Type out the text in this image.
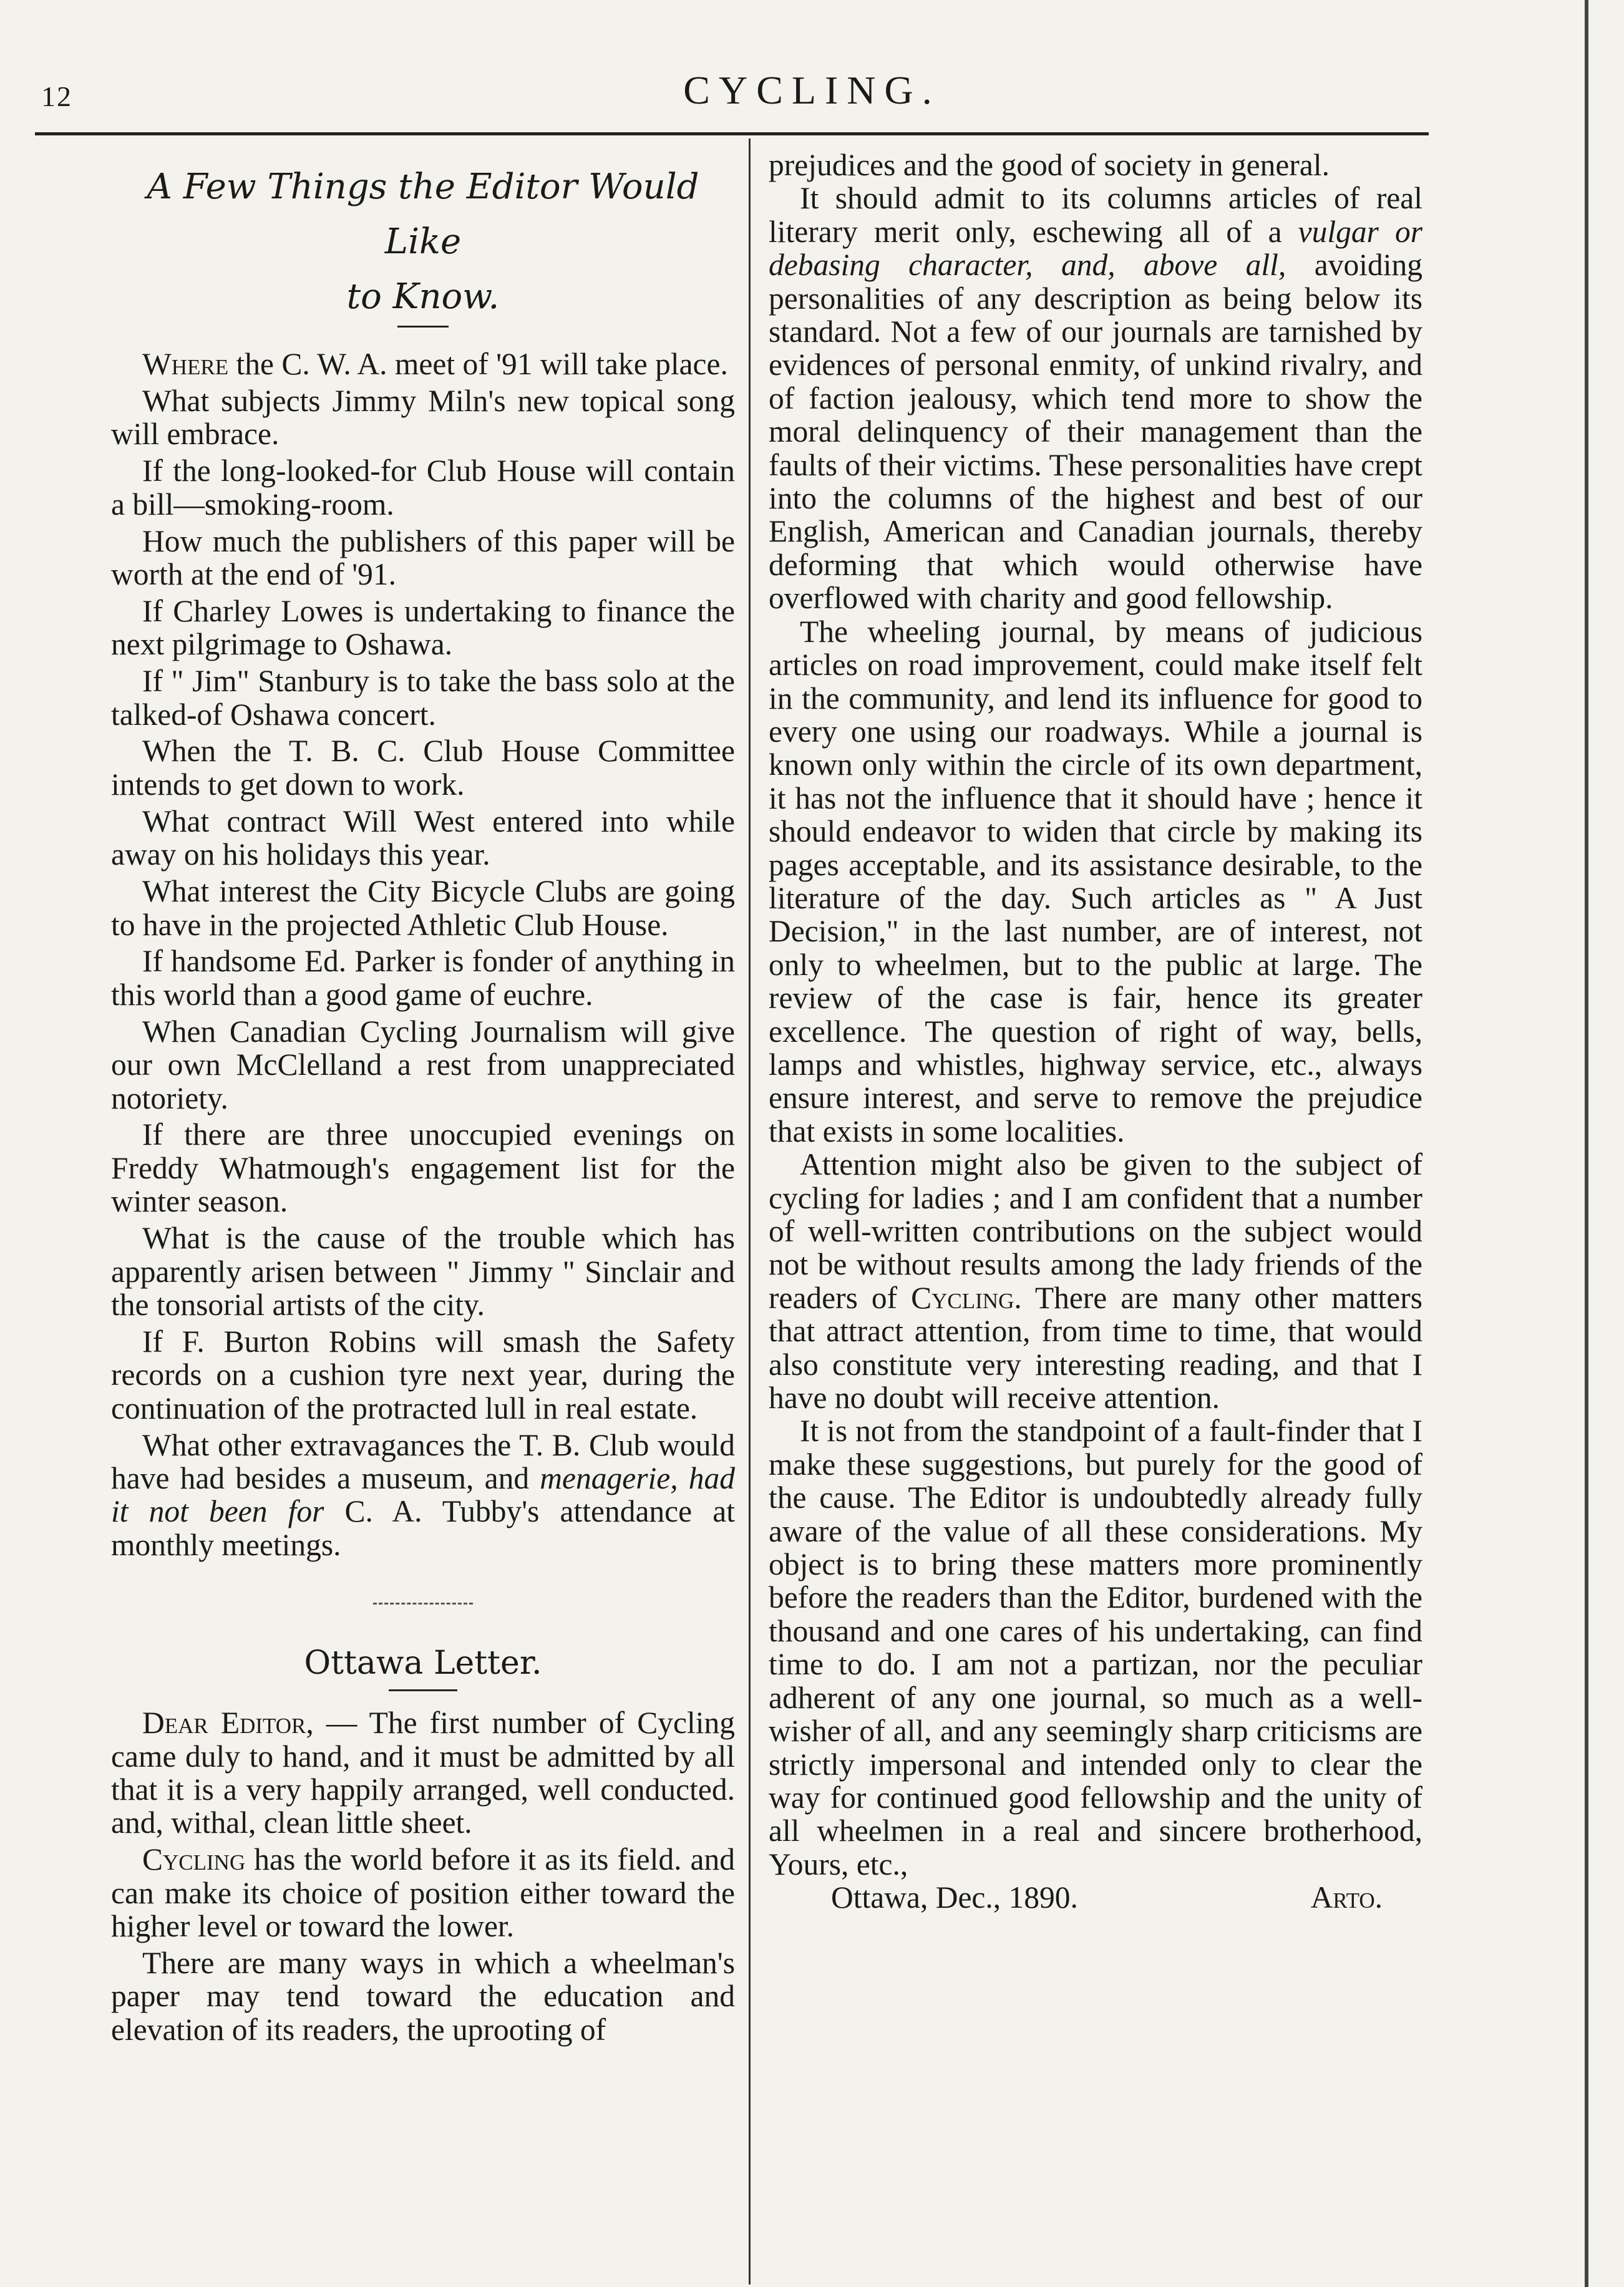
12	CYCLING.
A Few Things the Editor Would Like
to Know.

Where the C. W. A. meet of '91 will take place.

What subjects Jimmy Miln's new topical song will embrace.

If the long-looked-for Club House will contain a bill—smoking-room.

How much the publishers of this paper will be worth at the end of '91.

If Charley Lowes is undertaking to finance the next pilgrimage to Oshawa.

If " Jim" Stanbury is to take the bass solo at the talked-of Oshawa concert.

When the T. B. C. Club House Committee intends to get down to work.

What contract Will West entered into while away on his holidays this year.

What interest the City Bicycle Clubs are going to have in the projected Athletic Club House.

If handsome Ed. Parker is fonder of anything in this world than a good game of euchre.

When Canadian Cycling Journalism will give our own McClelland a rest from unappreciated notoriety.

If there are three unoccupied evenings on Freddy Whatmough's engagement list for the winter season.

What is the cause of the trouble which has apparently arisen between " Jimmy " Sinclair and the tonsorial artists of the city.

If F. Burton Robins will smash the Safety records on a cushion tyre next year, during the continuation of the protracted lull in real estate.

What other extravagances the T. B. Club would have had besides a museum, and menagerie, had it not been for C. A. Tubby's attendance at monthly meetings.

Ottawa Letter.

Dear Editor, — The first number of Cycling came duly to hand, and it must be admitted by all that it is a very happily arranged, well conducted. and, withal, clean little sheet.

Cycling has the world before it as its field. and can make its choice of position either toward the higher level or toward the lower.

There are many ways in which a wheelman's paper may tend toward the education and elevation of its readers, the uprooting of

prejudices and the good of society in general.

It should admit to its columns articles of real literary merit only, eschewing all of a vulgar or debasing character, and, above all, avoiding personalities of any description as being below its standard. Not a few of our journals are tarnished by evidences of personal enmity, of unkind rivalry, and of faction jealousy, which tend more to show the moral delinquency of their management than the faults of their victims. These personalities have crept into the columns of the highest and best of our English, American and Canadian journals, thereby deforming that which would otherwise have overflowed with charity and good fellowship.

The wheeling journal, by means of judicious articles on road improvement, could make itself felt in the community, and lend its influence for good to every one using our roadways. While a journal is known only within the circle of its own department, it has not the influence that it should have ; hence it should endeavor to widen that circle by making its pages acceptable, and its assistance desirable, to the literature of the day. Such articles as " A Just Decision," in the last number, are of interest, not only to wheelmen, but to the public at large. The review of the case is fair, hence its greater excellence. The question of right of way, bells, lamps and whistles, highway service, etc., always ensure interest, and serve to remove the prejudice that exists in some localities.

Attention might also be given to the subject of cycling for ladies ; and I am confident that a number of well-written contributions on the subject would not be without results among the lady friends of the readers of Cycling. There are many other matters that attract attention, from time to time, that would also constitute very interesting reading, and that I have no doubt will receive attention.

It is not from the standpoint of a fault-finder that I make these suggestions, but purely for the good of the cause. The Editor is undoubtedly already fully aware of the value of all these considerations. My object is to bring these matters more prominently before the readers than the Editor, burdened with the thousand and one cares of his undertaking, can find time to do. I am not a partizan, nor the peculiar adherent of any one journal, so much as a well-wisher of all, and any seemingly sharp criticisms are strictly impersonal and intended only to clear the way for continued good fellowship and the unity of all wheelmen in a real and sincere brotherhood, Yours, etc.,

Ottawa, Dec., 1890.	Arto.
